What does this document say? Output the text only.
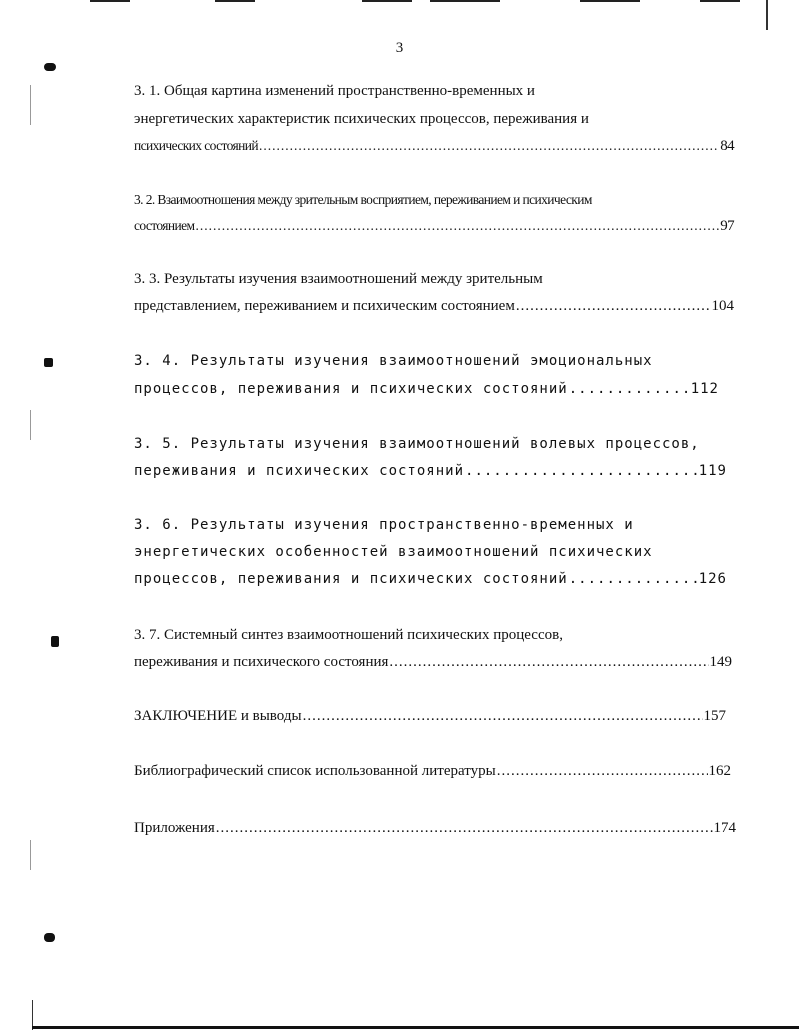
3
3. 1. Общая картина изменений пространственно-временных и
энергетических характеристик психических процессов, переживания и
психических состояний .....	84
3. 2. Взаимоотношения между зрительным восприятием, переживанием и психическим
состоянием .....	97
3. 3. Результаты изучения взаимоотношений между зрительным
представлением, переживанием и психическим состоянием .....	104
3. 4. Результаты изучения взаимоотношений эмоциональных
процессов, переживания и психических состояний .....	112
3. 5. Результаты изучения взаимоотношений волевых процессов,
переживания и психических состояний .....	119
3. 6. Результаты изучения пространственно-временных и
энергетических особенностей взаимоотношений психических
процессов, переживания и психических состояний .....	126
3. 7. Системный синтез взаимоотношений психических процессов,
переживания и психического состояния .....	149
ЗАКЛЮЧЕНИЕ и выводы .....	157
Библиографический список использованной литературы .....	162
Приложения .....	174
